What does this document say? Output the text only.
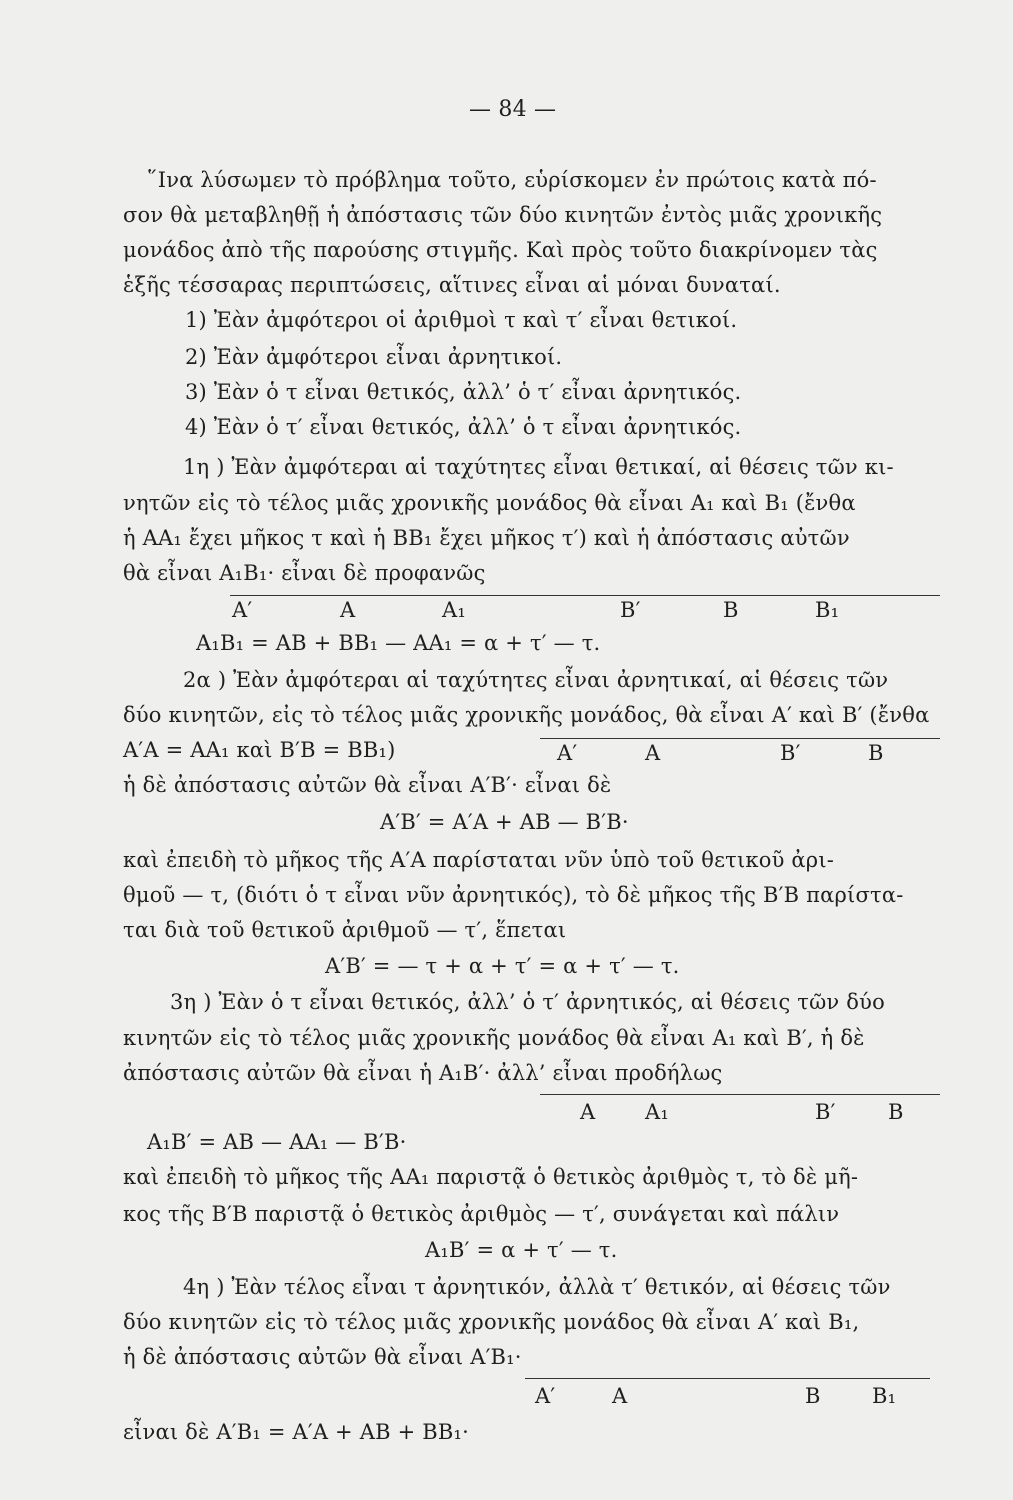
— 84 —
῞Ινα λύσωμεν τὸ πρόβλημα τοῦτο, εὑρίσκομεν ἐν πρώτοις κατὰ πό-
σον θὰ μεταβληθῇ ἡ ἀπόστασις τῶν δύο κινητῶν ἐντὸς μιᾶς χρονικῆς
μονάδος ἀπὸ τῆς παρούσης στιγμῆς. Καὶ πρὸς τοῦτο διακρίνομεν τὰς
ἑξῆς τέσσαρας περιπτώσεις, αἵτινες εἶναι αἱ μόναι δυναταί.
1) Ἐὰν ἀμφότεροι οἱ ἀριθμοὶ τ καὶ τ′ εἶναι θετικοί.
2) Ἐὰν ἀμφότεροι εἶναι ἀρνητικοί.
3) Ἐὰν ὁ τ εἶναι θετικός, ἀλλ’ ὁ τ′ εἶναι ἀρνητικός.
4) Ἐὰν ὁ τ′ εἶναι θετικός, ἀλλ’ ὁ τ εἶναι ἀρνητικός.
1η ) Ἐὰν ἀμφότεραι αἱ ταχύτητες εἶναι θετικαί, αἱ θέσεις τῶν κι-
νητῶν εἰς τὸ τέλος μιᾶς χρονικῆς μονάδος θὰ εἶναι A₁ καὶ B₁ (ἔνθα
ἡ AA₁ ἔχει μῆκος τ καὶ ἡ BB₁ ἔχει μῆκος τ′) καὶ ἡ ἀπόστασις αὐτῶν
θὰ εἶναι A₁B₁· εἶναι δὲ προφανῶς
A′	A	A₁	B′	B	B₁
A₁B₁ = AB + BB₁ — AA₁ = α + τ′ — τ.
2α ) Ἐὰν ἀμφότεραι αἱ ταχύτητες εἶναι ἀρνητικαί, αἱ θέσεις τῶν
δύο κινητῶν, εἰς τὸ τέλος μιᾶς χρονικῆς μονάδος, θὰ εἶναι A′ καὶ B′ (ἔνθα
A′A = AA₁ καὶ B′B = BB₁)	A′	A	B′	B
ἡ δὲ ἀπόστασις αὐτῶν θὰ εἶναι A′B′· εἶναι δὲ
A′B′ = A′A + AB — B′B·
καὶ ἐπειδὴ τὸ μῆκος τῆς A′A παρίσταται νῦν ὑπὸ τοῦ θετικοῦ ἀρι-
θμοῦ — τ, (διότι ὁ τ εἶναι νῦν ἀρνητικός), τὸ δὲ μῆκος τῆς B′B παρίστα-
ται διὰ τοῦ θετικοῦ ἀριθμοῦ — τ′, ἕπεται
A′B′ = — τ + α + τ′ = α + τ′ — τ.
3η ) Ἐὰν ὁ τ εἶναι θετικός, ἀλλ’ ὁ τ′ ἀρνητικός, αἱ θέσεις τῶν δύο
κινητῶν εἰς τὸ τέλος μιᾶς χρονικῆς μονάδος θὰ εἶναι A₁ καὶ B′, ἡ δὲ
ἀπόστασις αὐτῶν θὰ εἶναι ἡ A₁B′· ἀλλ’ εἶναι προδήλως
A A₁	B′ B
A₁B′ = AB — AA₁ — B′B·
καὶ ἐπειδὴ τὸ μῆκος τῆς AA₁ παριστᾷ ὁ θετικὸς ἀριθμὸς τ, τὸ δὲ μῆ-
κος τῆς B′B παριστᾷ ὁ θετικὸς ἀριθμὸς — τ′, συνάγεται καὶ πάλιν
A₁B′ = α + τ′ — τ.
4η ) Ἐὰν τέλος εἶναι τ ἀρνητικόν, ἀλλὰ τ′ θετικόν, αἱ θέσεις τῶν
δύο κινητῶν εἰς τὸ τέλος μιᾶς χρονικῆς μονάδος θὰ εἶναι A′ καὶ B₁,
ἡ δὲ ἀπόστασις αὐτῶν θὰ εἶναι A′B₁·
A′	A	B B₁
εἶναι δὲ A′B₁ = A′A + AB + BB₁·
